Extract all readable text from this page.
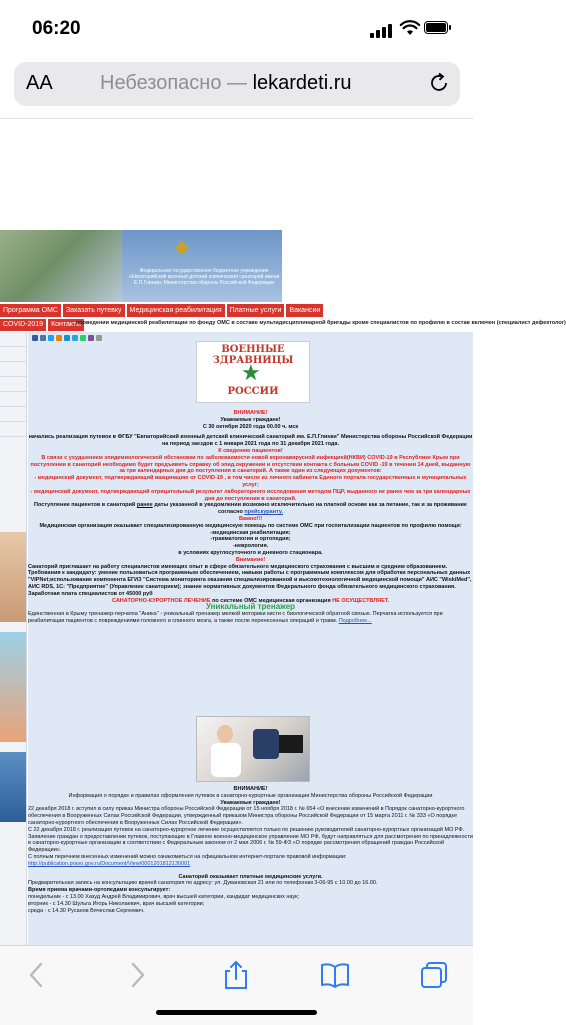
06:20
AA Небезопасно — lekardeti.ru
✦
Федеральное государственное бюджетное учреждение «Евпаторийский военный детский клинический санаторий имени Е.П.Глинки» Министерства обороны Российской Федерации
Программа ОМС	Заказать путевку	Медицинская реабилитация	Платные услуги	Вакансии
COVID-2019	Контакты
проведении медицинской реабилитации по фонду ОМС в составе мультидисциплинарной бригады кроме специалистов по профилю в состав включен (специалист дефектолог)
ВОЕННЫЕ ЗДРАВНИЦЫ
★
РОССИИ
ВНИМАНИЕ!
Уважаемые граждане!
С 30 октября 2020 года 00.00 ч. мск
начались реализация путевок в ФГБУ "Евпаторийский военный детский клинический санаторий им. Е.П.Глинки" Министерства обороны Российской Федерации
на период заездов с 1 января 2021 года по 31 декабря 2021 года.
К сведению пациентов!
В связи с ухудшением эпидемиологической обстановки по заболеваемости новой коронавирусной инфекцией(НКВИ) COVID-19 в Республике Крым при поступлении в санаторий необходимо будет предъявить справку об эпид.окружении и отсутствии контакта с больным COVID -19 в течении 14 дней, выданную за три календарных дня до поступления в санаторий. А также один из следующих документов:
- медицинский документ, подтверждающий вакцинацию от COVID-19 , в том числе из личного кабинета Единого портала государственных и муниципальных услуг;
- медицинский документ, подтверждающий отрицательный результат лабораторного исследования методом ПЦР, выданного не ранее чем за три календарных дня до поступления в санаторий.
Поступление пациентов в санаторий ранее даты указанной в уведомлении возможно исключительно на платной основе как за питание, так и за проживание согласно прейскуранту.
Важно!!!
Медицинская организация оказывает специализированную медицинскую помощь по системе ОМС при госпитализации пациентов по профилю помощи:
-медицинская реабилитация;
-травматология и ортопедия;
-неврология.
в условиях круглосуточного и дневного стационара.
Внимание!
Санаторий приглашает на работу специалистов имеющих опыт в сфере обязательного медицинского страхования с высшим и средним образованием.
Требования к кандидату: умение пользоваться программным обеспечением, навыки работы с программным комплексом для обработки персональных данных "VIPNet;использование компонента ЕГИЗ "Система мониторинга оказания специализированной и высокотехнологичной медицинской помощи" АИС "WiskiMed", АИС RDS, 1С: "Предприятие" (Управление санаторием); знание нормативных документов Федерального фонда обязательного медицинского страхования.
Заработная плата специалистов от 45000 руб
САНАТОРНО-КУРОРТНОЕ ЛЕЧЕНИЕ по системе ОМС медицинская организация НЕ ОСУЩЕСТВЛЯЕТ.
Уникальный тренажер
Единственная в Крыму тренажер-перчатка "Аника" - уникальный тренажер мелкой моторики кисти с биологической обратной связью. Перчатка используется при реабилитации пациентов с повреждениями головного и спинного мозга, а также после перенесенных операций и травм. Подробнее...
ВНИМАНИЕ!
Информация о порядке и правилах оформления путевок в санаторно-курортные организации Министерства обороны Российской Федерации
Уважаемые граждане!
22 декабря 2018 г. вступил в силу приказ Министра обороны Российской Федерации от 15 ноября 2018 г. № 654 «О внесении изменений в Порядок санаторно-курортного обеспечения в Вооруженных Силах Российской Федерации, утвержденный приказом Министра обороны Российской Федерации от 15 марта 2011 г. № 333 «О порядке санаторно-курортного обеспечения в Вооруженных Силах Российской Федерации».
С 22 декабря 2018 г. реализация путевок на санаторно-курортное лечение осуществляется только по решению руководителей санаторно-курортных организаций МО РФ. Заявление граждан о предоставлении путевок, поступающие в Главное военно-медицинское управление МО РФ, будут направляться для рассмотрения по принадлежности в санаторно-курортные организации в соответствии с Федеральным законом от 2 мая 2006 г. № 59-ФЗ «О порядке рассмотрения обращений граждан Российской Федерации».
С полным перечнем внесенных изменений можно ознакомиться на официальном интернет-портале правовой информации: http://publication.pravo.gov.ru/Document/View/0001201812130001
Санаторий оказывает платные медицинские услуги.
Предварительная запись на консультацию врачей санатория по адресу: ул. Дувановская 21 или по телефонам 3-06-95 с 10.00 до 16.00.
Время приема врачами-ортопедами консультирует:
понедельник - с 13.00 Хазуд Андрей Владимирович, врач высшей категории, кандидат медицинских наук;
вторник - с 14.30 Шульга Игорь Николаевич, врач высшей категории;
среда - с 14.30 Русанов Вячеслав Сергеевич.
